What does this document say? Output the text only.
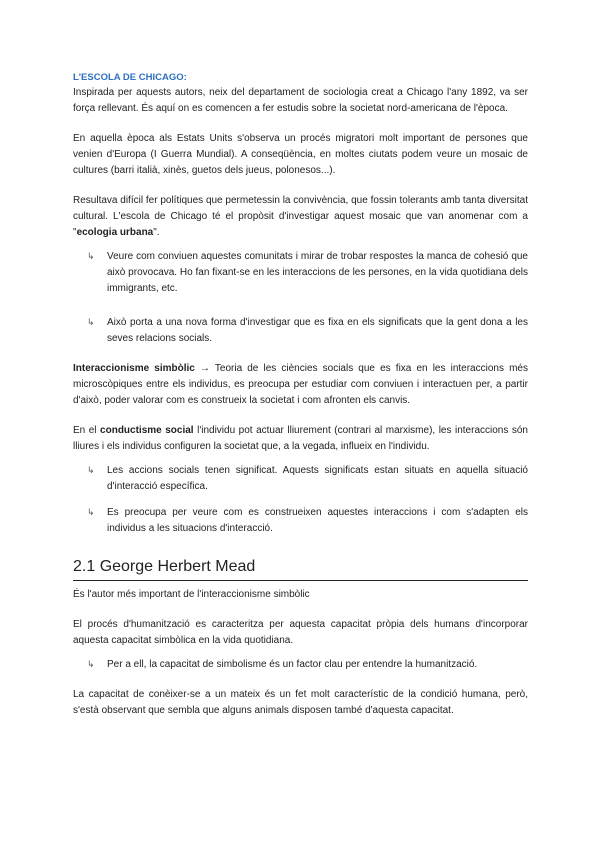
L'ESCOLA DE CHICAGO:

Inspirada per aquests autors, neix del departament de sociologia creat a Chicago l'any 1892, va ser força rellevant. És aquí on es comencen a fer estudis sobre la societat nord-americana de l'època.

En aquella època als Estats Units s'observa un procés migratori molt important de persones que venien d'Europa (I Guerra Mundial). A conseqüència, en moltes ciutats podem veure un mosaic de cultures (barri italià, xinès, guetos dels jueus, polonesos...).

Resultava difícil fer polítiques que permetessin la convivència, que fossin tolerants amb tanta diversitat cultural. L'escola de Chicago té el propòsit d'investigar aquest mosaic que van anomenar com a "ecologia urbana".

↳ Veure com conviuen aquestes comunitats i mirar de trobar respostes la manca de cohesió que això provocava. Ho fan fixant-se en les interaccions de les persones, en la vida quotidiana dels immigrants, etc.
↳ Això porta a una nova forma d'investigar que es fixa en els significats que la gent dona a les seves relacions socials.

Interaccionisme simbòlic → Teoria de les ciències socials que es fixa en les interaccions més microscòpiques entre els individus, es preocupa per estudiar com conviuen i interactuen per, a partir d'això, poder valorar com es construeix la societat i com afronten els canvis.

En el conductisme social l'individu pot actuar lliurement (contrari al marxisme), les interaccions són lliures i els individus configuren la societat que, a la vegada, influeix en l'individu.

↳ Les accions socials tenen significat. Aquests significats estan situats en aquella situació d'interacció específica.
↳ Es preocupa per veure com es construeixen aquestes interaccions i com s'adapten els individus a les situacions d'interacció.
2.1 George Herbert Mead

És l'autor més important de l'interaccionisme simbòlic

El procés d'humanització es caracteritza per aquesta capacitat pròpia dels humans d'incorporar aquesta capacitat simbòlica en la vida quotidiana.

↳ Per a ell, la capacitat de simbolisme és un factor clau per entendre la humanització.

La capacitat de conèixer-se a un mateix és un fet molt característic de la condició humana, però, s'està observant que sembla que alguns animals disposen també d'aquesta capacitat.
